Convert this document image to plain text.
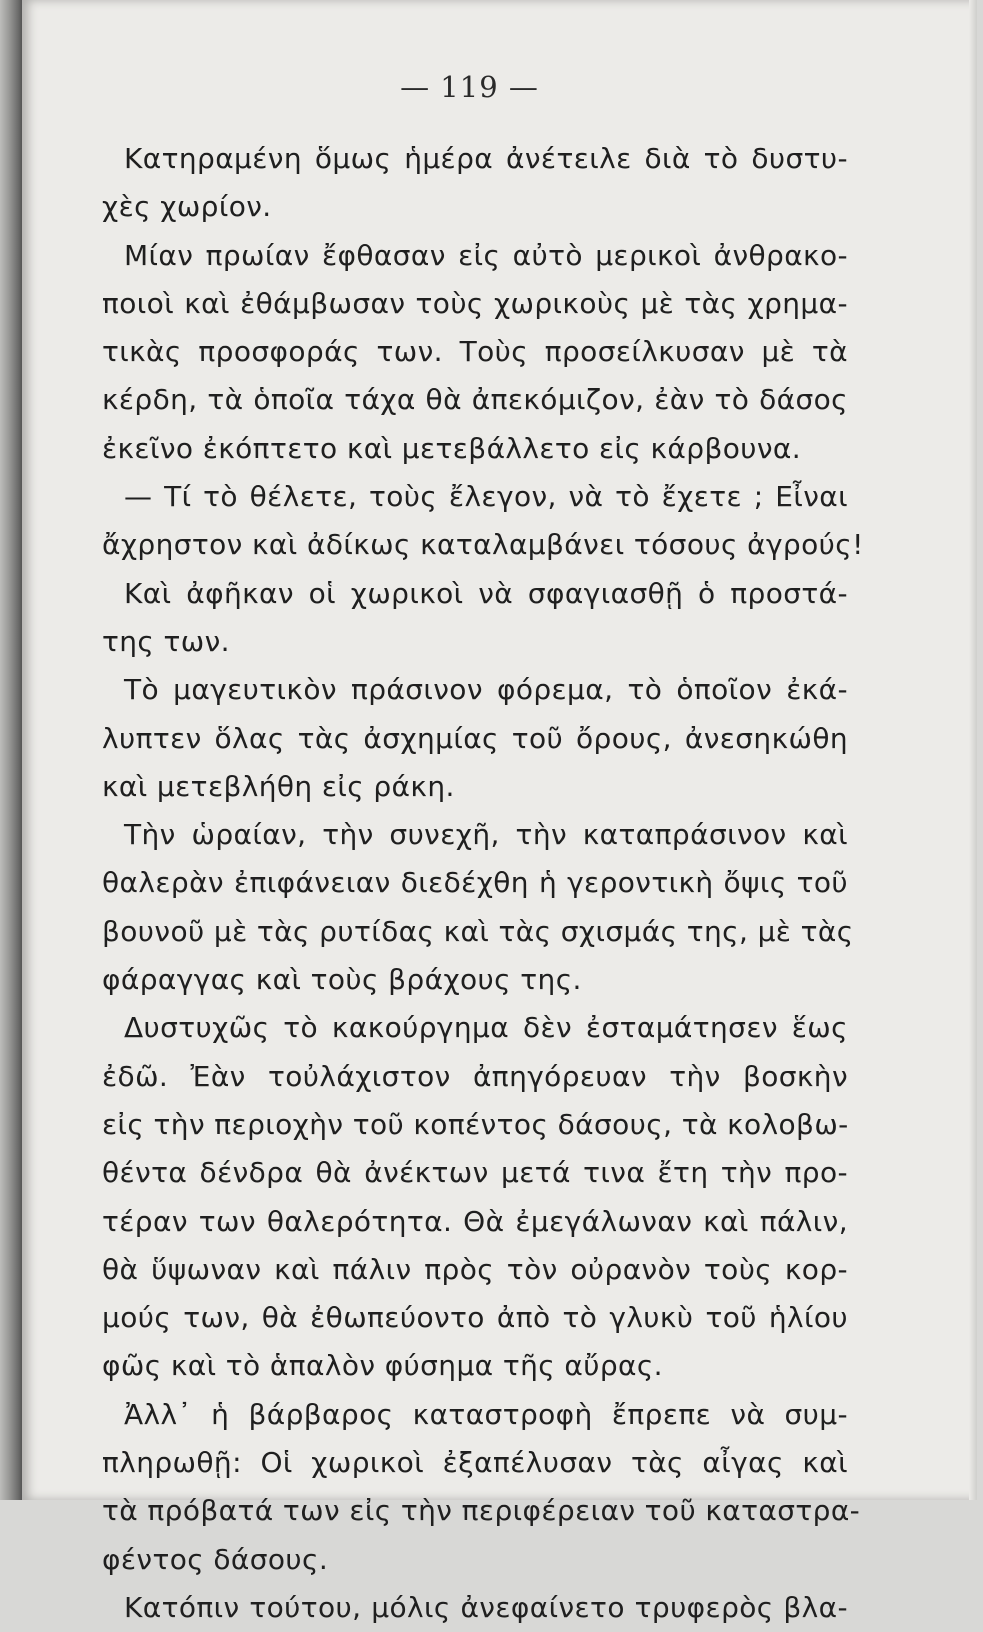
— 119 —
Κατηραμένη ὅμως ἡμέρα ἀνέτειλε διὰ τὸ δυστυ-
χὲς χωρίον.
Μίαν πρωίαν ἔφθασαν εἰς αὐτὸ μερικοὶ ἀνθρακο-
ποιοὶ καὶ ἐθάμβωσαν τοὺς χωρικοὺς μὲ τὰς χρημα-
τικὰς προσφοράς των. Τοὺς προσείλκυσαν μὲ τὰ
κέρδη, τὰ ὁποῖα τάχα θὰ ἀπεκόμιζον, ἐὰν τὸ δάσος
ἐκεῖνο ἐκόπτετο καὶ μετεβάλλετο εἰς κάρβουνα.
— Τί τὸ θέλετε, τοὺς ἔλεγον, νὰ τὸ ἔχετε ; Εἶναι
ἄχρηστον καὶ ἀδίκως καταλαμβάνει τόσους ἀγρούς!
Καὶ ἀφῆκαν οἱ χωρικοὶ νὰ σφαγιασθῇ ὁ προστά-
της των.
Τὸ μαγευτικὸν πράσινον φόρεμα, τὸ ὁποῖον ἐκά-
λυπτεν ὅλας τὰς ἀσχημίας τοῦ ὄρους, ἀνεσηκώθη
καὶ μετεβλήθη εἰς ράκη.
Τὴν ὡραίαν, τὴν συνεχῆ, τὴν καταπράσινον καὶ
θαλερὰν ἐπιφάνειαν διεδέχθη ἡ γεροντικὴ ὄψις τοῦ
βουνοῦ μὲ τὰς ρυτίδας καὶ τὰς σχισμάς της, μὲ τὰς
φάραγγας καὶ τοὺς βράχους της.
Δυστυχῶς τὸ κακούργημα δὲν ἐσταμάτησεν ἕως
ἐδῶ. Ἐὰν τοὐλάχιστον ἀπηγόρευαν τὴν βοσκὴν
εἰς τὴν περιοχὴν τοῦ κοπέντος δάσους, τὰ κολοβω-
θέντα δένδρα θὰ ἀνέκτων μετά τινα ἔτη τὴν προ-
τέραν των θαλερότητα. Θὰ ἐμεγάλωναν καὶ πάλιν,
θὰ ὕψωναν καὶ πάλιν πρὸς τὸν οὐρανὸν τοὺς κορ-
μούς των, θὰ ἐθωπεύοντο ἀπὸ τὸ γλυκὺ τοῦ ἡλίου
φῶς καὶ τὸ ἁπαλὸν φύσημα τῆς αὔρας.
Ἀλλ᾽ ἡ βάρβαρος καταστροφὴ ἔπρεπε νὰ συμ-
πληρωθῇ: Οἱ χωρικοὶ ἐξαπέλυσαν τὰς αἶγας καὶ
τὰ πρόβατά των εἰς τὴν περιφέρειαν τοῦ καταστρα-
φέντος δάσους.
Κατόπιν τούτου, μόλις ἀνεφαίνετο τρυφερὸς βλα-
